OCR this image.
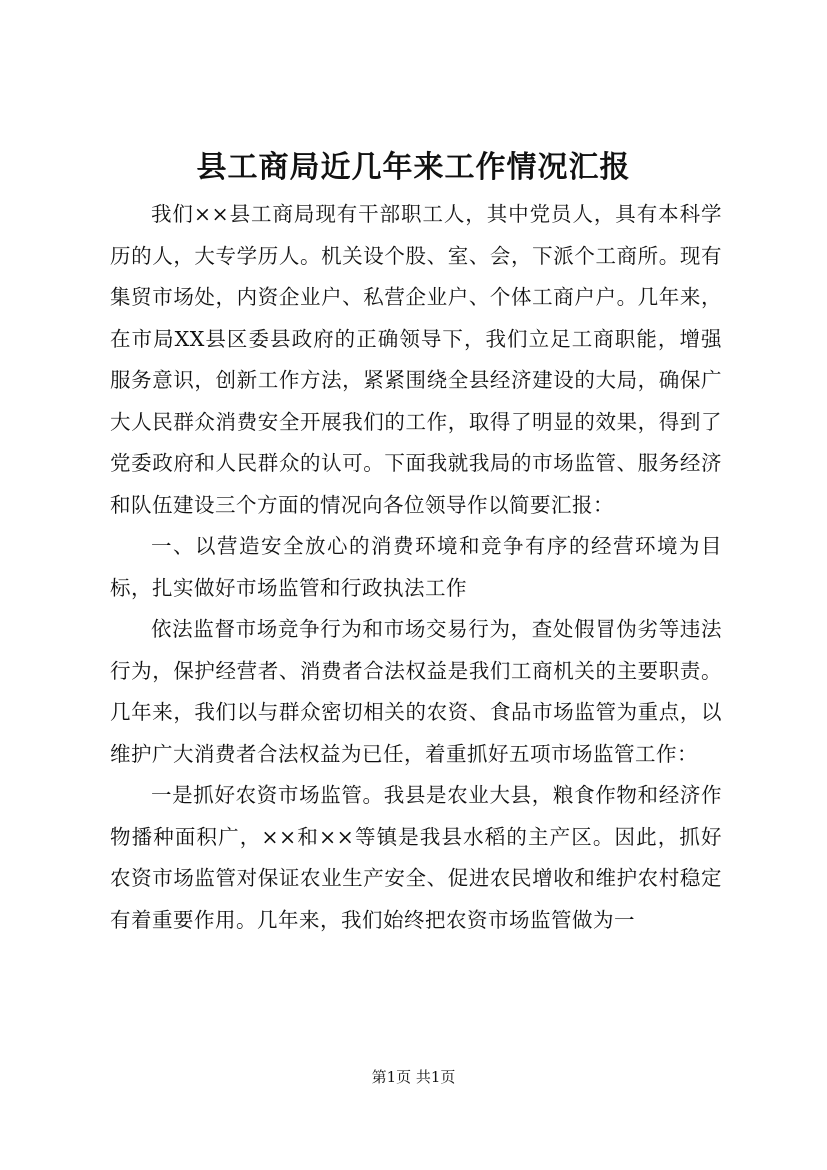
县工商局近几年来工作情况汇报

我们××县工商局现有干部职工人，其中党员人，具有本科学历的人，大专学历人。机关设个股、室、会，下派个工商所。现有集贸市场处，内资企业户、私营企业户、个体工商户户。几年来，在市局XX县区委县政府的正确领导下，我们立足工商职能，增强服务意识，创新工作方法，紧紧围绕全县经济建设的大局，确保广大人民群众消费安全开展我们的工作，取得了明显的效果，得到了党委政府和人民群众的认可。下面我就我局的市场监管、服务经济和队伍建设三个方面的情况向各位领导作以简要汇报：

一、以营造安全放心的消费环境和竞争有序的经营环境为目标，扎实做好市场监管和行政执法工作

依法监督市场竞争行为和市场交易行为，查处假冒伪劣等违法行为，保护经营者、消费者合法权益是我们工商机关的主要职责。几年来，我们以与群众密切相关的农资、食品市场监管为重点，以维护广大消费者合法权益为已任，着重抓好五项市场监管工作：

一是抓好农资市场监管。我县是农业大县，粮食作物和经济作物播种面积广，××和××等镇是我县水稻的主产区。因此，抓好农资市场监管对保证农业生产安全、促进农民增收和维护农村稳定有着重要作用。几年来，我们始终把农资市场监管做为一

第1页 共1页
